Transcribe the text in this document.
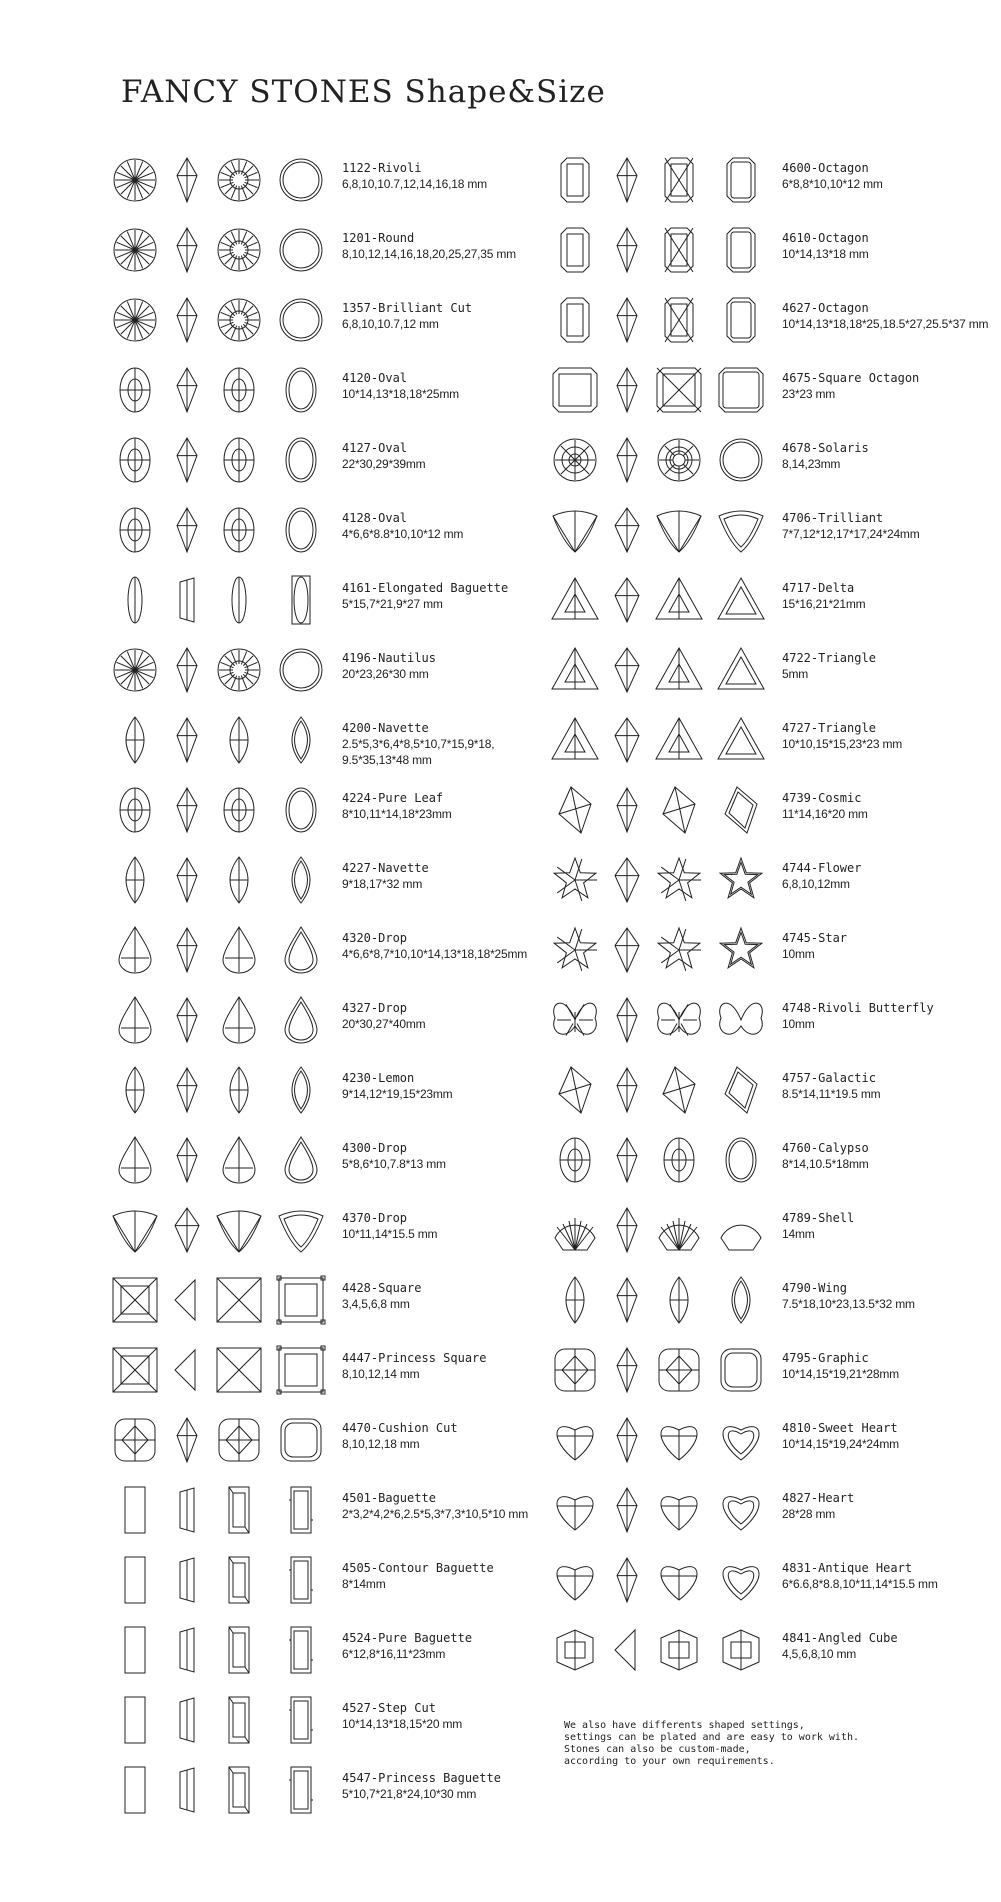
FANCY STONES Shape&Size
1122-Rivoli
6,8,10,10.7,12,14,16,18 mm
1201-Round
8,10,12,14,16,18,20,25,27,35 mm
1357-Brilliant Cut
6,8,10,10.7,12 mm
4120-Oval
10*14,13*18,18*25mm
4127-Oval
22*30,29*39mm
4128-Oval
4*6,6*8.8*10,10*12 mm
4161-Elongated Baguette
5*15,7*21,9*27 mm
4196-Nautilus
20*23,26*30 mm
4200-Navette
2.5*5,3*6,4*8,5*10,7*15,9*18,
9.5*35,13*48 mm
4224-Pure Leaf
8*10,11*14,18*23mm
4227-Navette
9*18,17*32 mm
4320-Drop
4*6,6*8,7*10,10*14,13*18,18*25mm
4327-Drop
20*30,27*40mm
4230-Lemon
9*14,12*19,15*23mm
4300-Drop
5*8,6*10,7.8*13 mm
4370-Drop
10*11,14*15.5 mm
4428-Square
3,4,5,6,8 mm
4447-Princess Square
8,10,12,14 mm
4470-Cushion Cut
8,10,12,18 mm
4501-Baguette
2*3,2*4,2*6,2.5*5,3*7,3*10,5*10 mm
4505-Contour Baguette
8*14mm
4524-Pure Baguette
6*12,8*16,11*23mm
4527-Step Cut
10*14,13*18,15*20 mm
4547-Princess Baguette
5*10,7*21,8*24,10*30 mm
4600-Octagon
6*8,8*10,10*12 mm
4610-Octagon
10*14,13*18 mm
4627-Octagon
10*14,13*18,18*25,18.5*27,25.5*37 mm
4675-Square Octagon
23*23 mm
4678-Solaris
8,14,23mm
4706-Trilliant
7*7,12*12,17*17,24*24mm
4717-Delta
15*16,21*21mm
4722-Triangle
5mm
4727-Triangle
10*10,15*15,23*23 mm
4739-Cosmic
11*14,16*20 mm
4744-Flower
6,8,10,12mm
4745-Star
10mm
4748-Rivoli Butterfly
10mm
4757-Galactic
8.5*14,11*19.5 mm
4760-Calypso
8*14,10.5*18mm
4789-Shell
14mm
4790-Wing
7.5*18,10*23,13.5*32 mm
4795-Graphic
10*14,15*19,21*28mm
4810-Sweet Heart
10*14,15*19,24*24mm
4827-Heart
28*28 mm
4831-Antique Heart
6*6.6,8*8.8,10*11,14*15.5 mm
4841-Angled Cube
4,5,6,8,10 mm
We also have differents shaped settings,
settings can be plated and are easy to work with.
Stones can also be custom-made,
according to your own requirements.
